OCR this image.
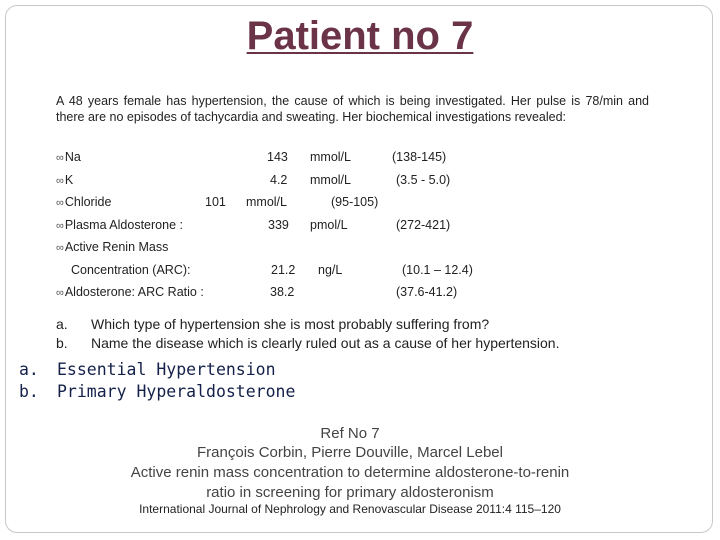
Patient no 7
A 48 years female has hypertension, the cause of which is being investigated. Her pulse is 78/min and there are no episodes of tachycardia and sweating. Her biochemical investigations revealed:
∞Na	143 mmol/L	(138-145)
∞K	4.2 mmol/L	(3.5 - 5.0)
∞Chloride	101 mmol/L	(95-105)
∞Plasma Aldosterone :	339 pmol/L	(272-421)
∞Active Renin Mass
Concentration (ARC):	21.2 ng/L	(10.1 – 12.4)
∞Aldosterone: ARC Ratio :	38.2	(37.6-41.2)
a. Which type of hypertension she is most probably suffering from?
b. Name the disease which is clearly ruled out as a cause of her hypertension.
a. Essential Hypertension
b. Primary Hyperaldosterone
Ref No 7
François Corbin, Pierre Douville, Marcel Lebel
Active renin mass concentration to determine aldosterone-to-renin
ratio in screening for primary aldosteronism
International Journal of Nephrology and Renovascular Disease 2011:4 115–120
